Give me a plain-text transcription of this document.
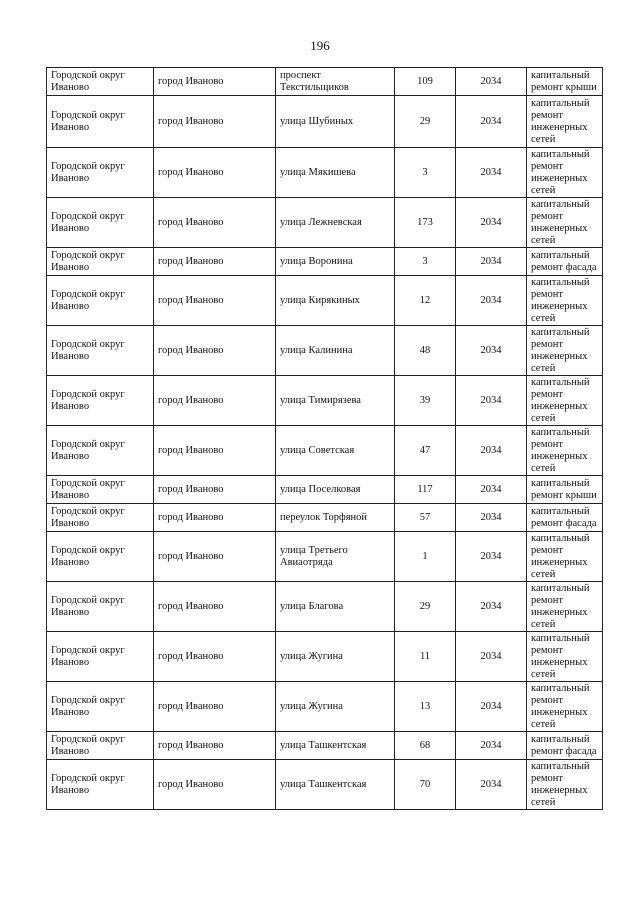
196
Городской округ Иваново	город Иваново	проспект Текстильщиков	109	2034	капитальный ремонт крыши
Городской округ Иваново	город Иваново	улица Шубиных	29	2034	капитальный ремонт инженерных сетей
Городской округ Иваново	город Иваново	улица Мякишева	3	2034	капитальный ремонт инженерных сетей
Городской округ Иваново	город Иваново	улица Лежневская	173	2034	капитальный ремонт инженерных сетей
Городской округ Иваново	город Иваново	улица Воронина	3	2034	капитальный ремонт фасада
Городской округ Иваново	город Иваново	улица Кирякиных	12	2034	капитальный ремонт инженерных сетей
Городской округ Иваново	город Иваново	улица Калинина	48	2034	капитальный ремонт инженерных сетей
Городской округ Иваново	город Иваново	улица Тимирязева	39	2034	капитальный ремонт инженерных сетей
Городской округ Иваново	город Иваново	улица Советская	47	2034	капитальный ремонт инженерных сетей
Городской округ Иваново	город Иваново	улица Поселковая	117	2034	капитальный ремонт крыши
Городской округ Иваново	город Иваново	переулок Торфяной	57	2034	капитальный ремонт фасада
Городской округ Иваново	город Иваново	улица Третьего Авиаотряда	1	2034	капитальный ремонт инженерных сетей
Городской округ Иваново	город Иваново	улица Благова	29	2034	капитальный ремонт инженерных сетей
Городской округ Иваново	город Иваново	улица Жугина	11	2034	капитальный ремонт инженерных сетей
Городской округ Иваново	город Иваново	улица Жугина	13	2034	капитальный ремонт инженерных сетей
Городской округ Иваново	город Иваново	улица Ташкентская	68	2034	капитальный ремонт фасада
Городской округ Иваново	город Иваново	улица Ташкентская	70	2034	капитальный ремонт инженерных сетей
